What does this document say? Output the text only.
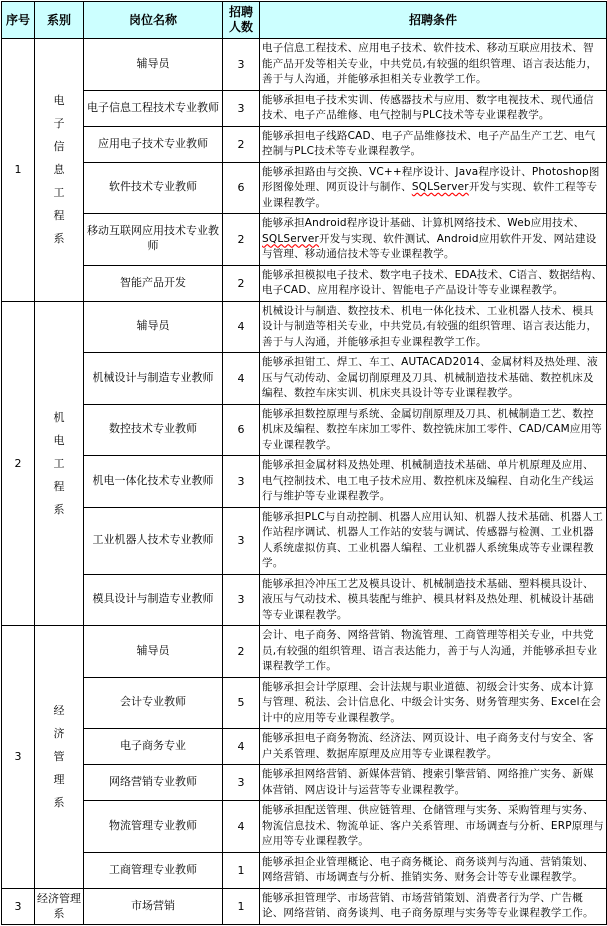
序号	系别	岗位名称	招聘人数	招聘条件
1	电子信息工程系	辅导员	3	电子信息工程技术、应用电子技术、软件技术、移动互联应用技术、智能产品开发等相关专业，中共党员,有较强的组织管理、语言表达能力，善于与人沟通，并能够承担相关专业教学工作。
		电子信息工程技术专业教师	3	能够承担电子技术实训、传感器技术与应用、数字电视技术、现代通信技术、电子产品维修、电气控制与PLC技术等专业课程教学。
		应用电子技术专业教师	2	能够承担电子线路CAD、电子产品维修技术、电子产品生产工艺、电气控制与PLC技术等专业课程教学。
		软件技术专业教师	6	能够承担路由与交换、VC++程序设计、Java程序设计、Photoshop图形图像处理、网页设计与制作、SQLServer开发与实现、软件工程等专业课程教学。
		移动互联网应用技术专业教师	2	能够承担Android程序设计基础、计算机网络技术、Web应用技术、SQLServer开发与实现、软件测试、Android应用软件开发、网站建设与管理、移动通信技术等专业课程教学。
		智能产品开发	2	能够承担模拟电子技术、数字电子技术、EDA技术、C语言、数据结构、电子CAD、应用程序设计、智能电子产品设计等专业课程教学。
2	机电工程系	辅导员	4	机械设计与制造、数控技术、机电一体化技术、工业机器人技术、模具设计与制造等相关专业，中共党员,有较强的组织管理、语言表达能力，善于与人沟通，并能够承担专业课程教学工作。
		机械设计与制造专业教师	4	能够承担钳工、焊工、车工、AUTACAD2014、金属材料及热处理、液压与气动传动、金属切削原理及刀具、机械制造技术基础、数控机床及编程、数控车床实训、机床夹具设计等专业课程教学。
		数控技术专业教师	6	能够承担数控原理与系统、金属切削原理及刀具、机械制造工艺、数控机床及编程、数控车床加工零件、数控铣床加工零件、CAD/CAM应用等专业课程教学。
		机电一体化技术专业教师	3	能够承担金属材料及热处理、机械制造技术基础、单片机原理及应用、电气控制技术、电工电子技术应用、数控机床及编程、自动化生产线运行与维护等专业课程教学。
		工业机器人技术专业教师	3	能够承担PLC与自动控制、机器人应用认知、机器人技术基础、机器人工作站程序调试、机器人工作站的安装与调试、传感器与检测、工业机器人系统虚拟仿真、工业机器人编程、工业机器人系统集成等专业课程教学。
		模具设计与制造专业教师	3	能够承担冷冲压工艺及模具设计、机械制造技术基础、塑料模具设计、液压与气动技术、模具装配与维护、模具材料及热处理、机械设计基础等专业课程教学。
3	经济管理系	辅导员	2	会计、电子商务、网络营销、物流管理、工商管理等相关专业，中共党员,有较强的组织管理、语言表达能力，善于与人沟通，并能够承担专业课程教学工作。
		会计专业教师	5	能够承担会计学原理、会计法规与职业道德、初级会计实务、成本计算与管理、税法、会计信息化、中级会计实务、财务管理实务、Excel在会计中的应用等专业课程教学。
		电子商务专业	4	能够承担电子商务物流、经济法、网页设计、电子商务支付与安全、客户关系管理、数据库原理及应用等专业课程教学。
		网络营销专业教师	3	能够承担网络营销、新媒体营销、搜索引擎营销、网络推广实务、新媒体营销、网店设计与运营等专业课程教学。
		物流管理专业教师	4	能够承担配送管理、供应链管理、仓储管理与实务、采购管理与实务、物流信息技术、物流单证、客户关系管理、市场调查与分析、ERP原理与应用等专业课程教学。
		工商管理专业教师	1	能够承担企业管理概论、电子商务概论、商务谈判与沟通、营销策划、网络营销、市场调查与分析、推销实务、财务会计等专业课程教学。
3	经济管理系	市场营销	1	能够承担管理学、市场营销、市场营销策划、消费者行为学、广告概论、网络营销、商务谈判、电子商务原理与实务等专业课程教学工作。
